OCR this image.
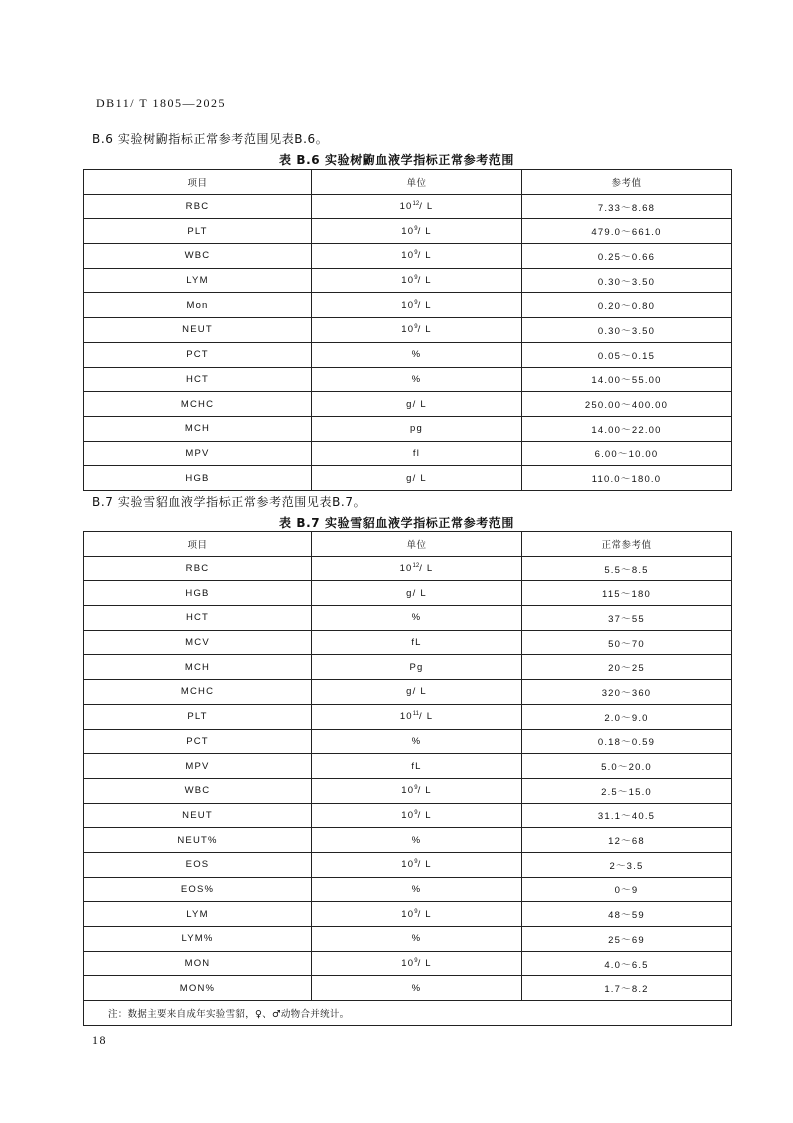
DB11/ T 1805—2025
B.6 实验树鼩指标正常参考范围见表B.6。
表 B.6 实验树鼩血液学指标正常参考范围
项目	单位	参考值
RBC	$10^{12}/$ L	7.33～8.68
PLT	$10^9/$ L	479.0～661.0
WBC	$10^9/$ L	0.25～0.66
LYM	$10^9/$ L	0.30～3.50
Mon	$10^9/$ L	0.20～0.80
NEUT	$10^9/$ L	0.30～3.50
PCT	%	0.05～0.15
HCT	%	14.00～55.00
MCHC	g/ L	250.00～400.00
MCH	pg	14.00～22.00
MPV	fl	6.00～10.00
HGB	g/ L	110.0～180.0
B.7 实验雪貂血液学指标正常参考范围见表B.7。
表 B.7 实验雪貂血液学指标正常参考范围
项目	单位	正常参考值
RBC	$10^{12}/$ L	5.5～8.5
HGB	g/ L	115～180
HCT	%	37～55
MCV	fL	50～70
MCH	Pg	20～25
MCHC	g/ L	320～360
PLT	$10^{11}/$ L	2.0～9.0
PCT	%	0.18～0.59
MPV	fL	5.0～20.0
WBC	$10^9/$ L	2.5～15.0
NEUT	$10^9/$ L	31.1～40.5
NEUT%	%	12～68
EOS	$10^9/$ L	2～3.5
EOS%	%	0～9
LYM	$10^9/$ L	48～59
LYM%	%	25～69
MON	$10^9/$ L	4.0～6.5
MON%	%	1.7～8.2
注：数据主要来自成年实验雪貂，♀、♂动物合并统计。		
18
